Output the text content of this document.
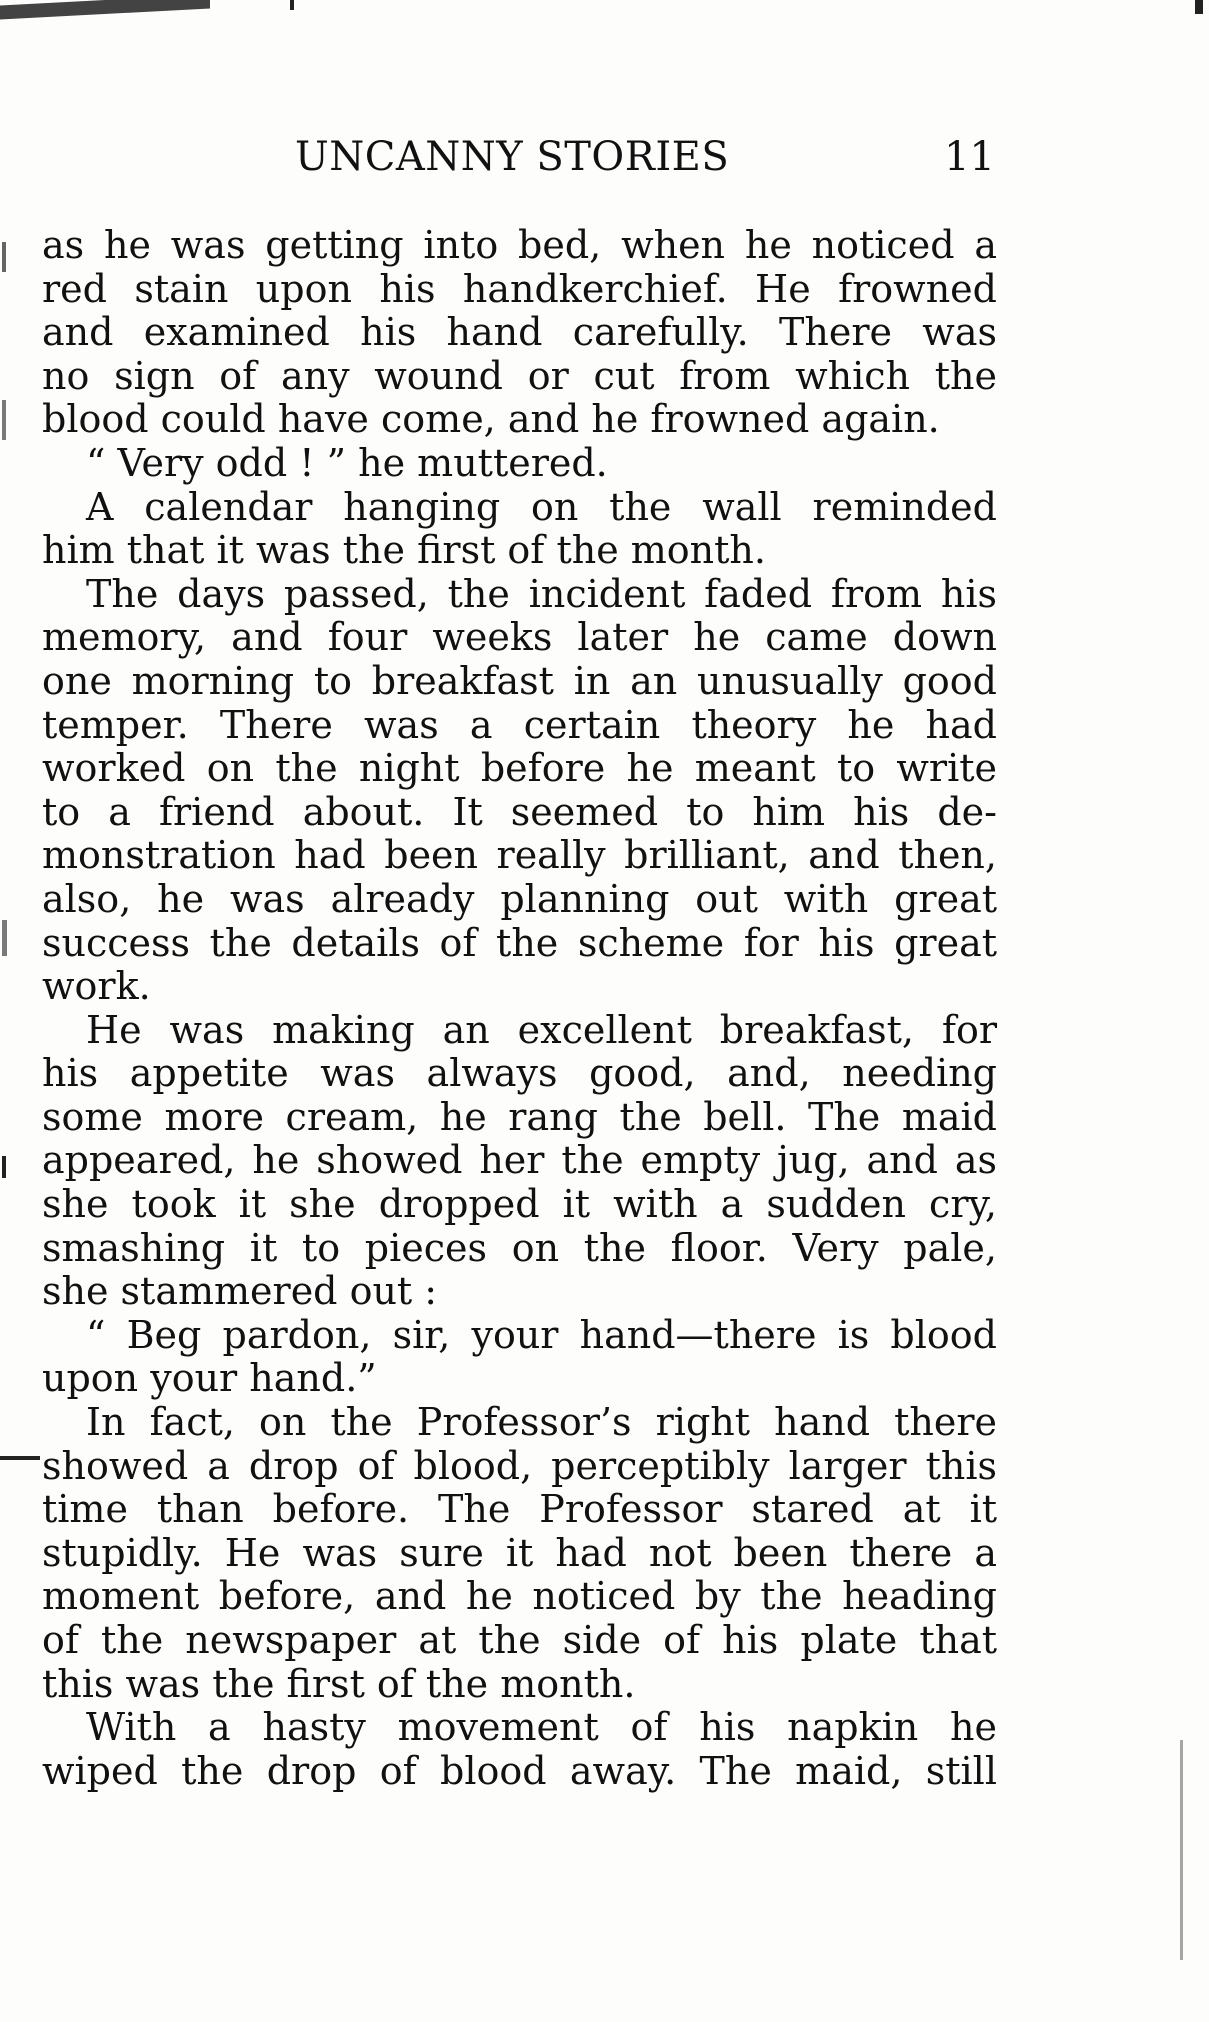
UNCANNY STORIES	11
as he was getting into bed, when he noticed a
red stain upon his handkerchief. He frowned
and examined his hand carefully. There was
no sign of any wound or cut from which the
blood could have come, and he frowned again.
“ Very odd ! ” he muttered.
A calendar hanging on the wall reminded
him that it was the first of the month.
The days passed, the incident faded from his
memory, and four weeks later he came down
one morning to breakfast in an unusually good
temper. There was a certain theory he had
worked on the night before he meant to write
to a friend about. It seemed to him his de-
monstration had been really brilliant, and then,
also, he was already planning out with great
success the details of the scheme for his great
work.
He was making an excellent breakfast, for
his appetite was always good, and, needing
some more cream, he rang the bell. The maid
appeared, he showed her the empty jug, and as
she took it she dropped it with a sudden cry,
smashing it to pieces on the floor. Very pale,
she stammered out :
“ Beg pardon, sir, your hand—there is blood
upon your hand.”
In fact, on the Professor’s right hand there
showed a drop of blood, perceptibly larger this
time than before. The Professor stared at it
stupidly. He was sure it had not been there a
moment before, and he noticed by the heading
of the newspaper at the side of his plate that
this was the first of the month.
With a hasty movement of his napkin he
wiped the drop of blood away. The maid, still
